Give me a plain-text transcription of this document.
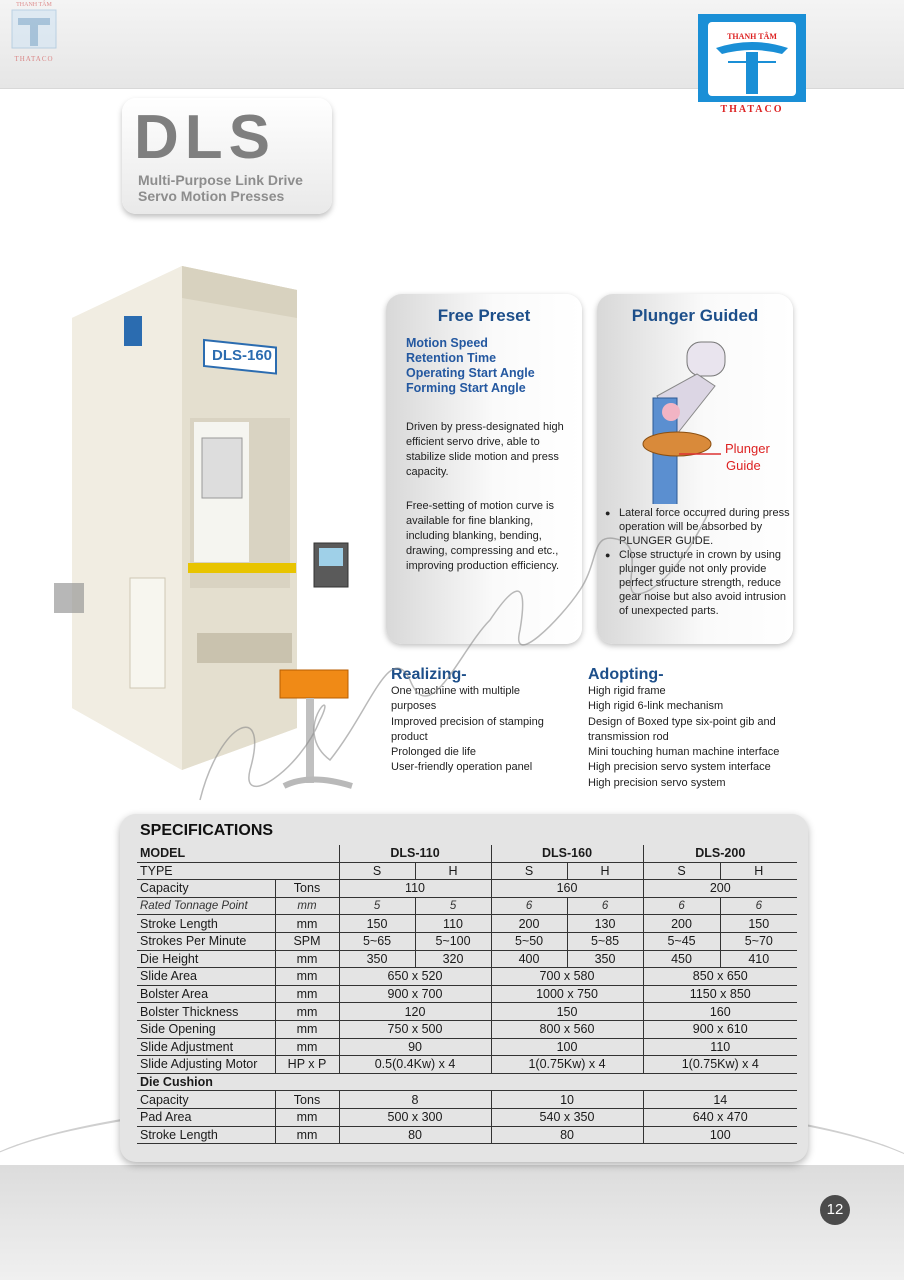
THANH TÂM
THATACO
THANH TÂM
THATACO
DLS
Multi-Purpose Link Drive
Servo Motion Presses
DLS-160
Free Preset
Motion Speed
Retention Time
Operating Start Angle
Forming Start Angle
Driven by press-designated high efficient servo drive, able to stabilize slide motion and press capacity.
Free-setting of motion curve is available for fine blanking, including blanking, bending, drawing, compressing and etc., improving production efficiency.
Plunger Guided
Plunger
Guide
● Lateral force occurred during press operation will be absorbed by PLUNGER GUIDE.
● Close structure in crown by using plunger guide not only provide perfect structure strength, reduce gear noise but also avoid intrusion of unexpected parts.
Realizing-
One machine with multiple
purposes
Improved precision of stamping
product
Prolonged die life
User-friendly operation panel
Adopting-
High rigid frame
High rigid 6-link mechanism
Design of Boxed type six-point gib and
transmission rod
Mini touching human machine interface
High precision servo system interface
High precision servo system
SPECIFICATIONS
MODEL		DLS-110		DLS-160		DLS-200	
TYPE		S	H	S	H	S	H
Capacity	Tons	110		160		200	
Rated Tonnage Point	mm	5	5	6	6	6	6
Stroke Length	mm	150	110	200	130	200	150
Strokes Per Minute	SPM	5~65	5~100	5~50	5~85	5~45	5~70
Die Height	mm	350	320	400	350	450	410
Slide Area	mm	650 x 520		700 x 580		850 x 650	
Bolster Area	mm	900 x 700		1000 x 750		1150 x 850	
Bolster Thickness	mm	120		150		160	
Side Opening	mm	750 x 500		800 x 560		900 x 610	
Slide Adjustment	mm	90		100		110	
Slide Adjusting Motor	HP x P	0.5(0.4Kw) x 4		1(0.75Kw) x 4		1(0.75Kw) x 4	
Die Cushion							
Capacity	Tons	8		10		14	
Pad Area	mm	500 x 300		540 x 350		640 x 470	
Stroke Length	mm	80		80		100	
12
